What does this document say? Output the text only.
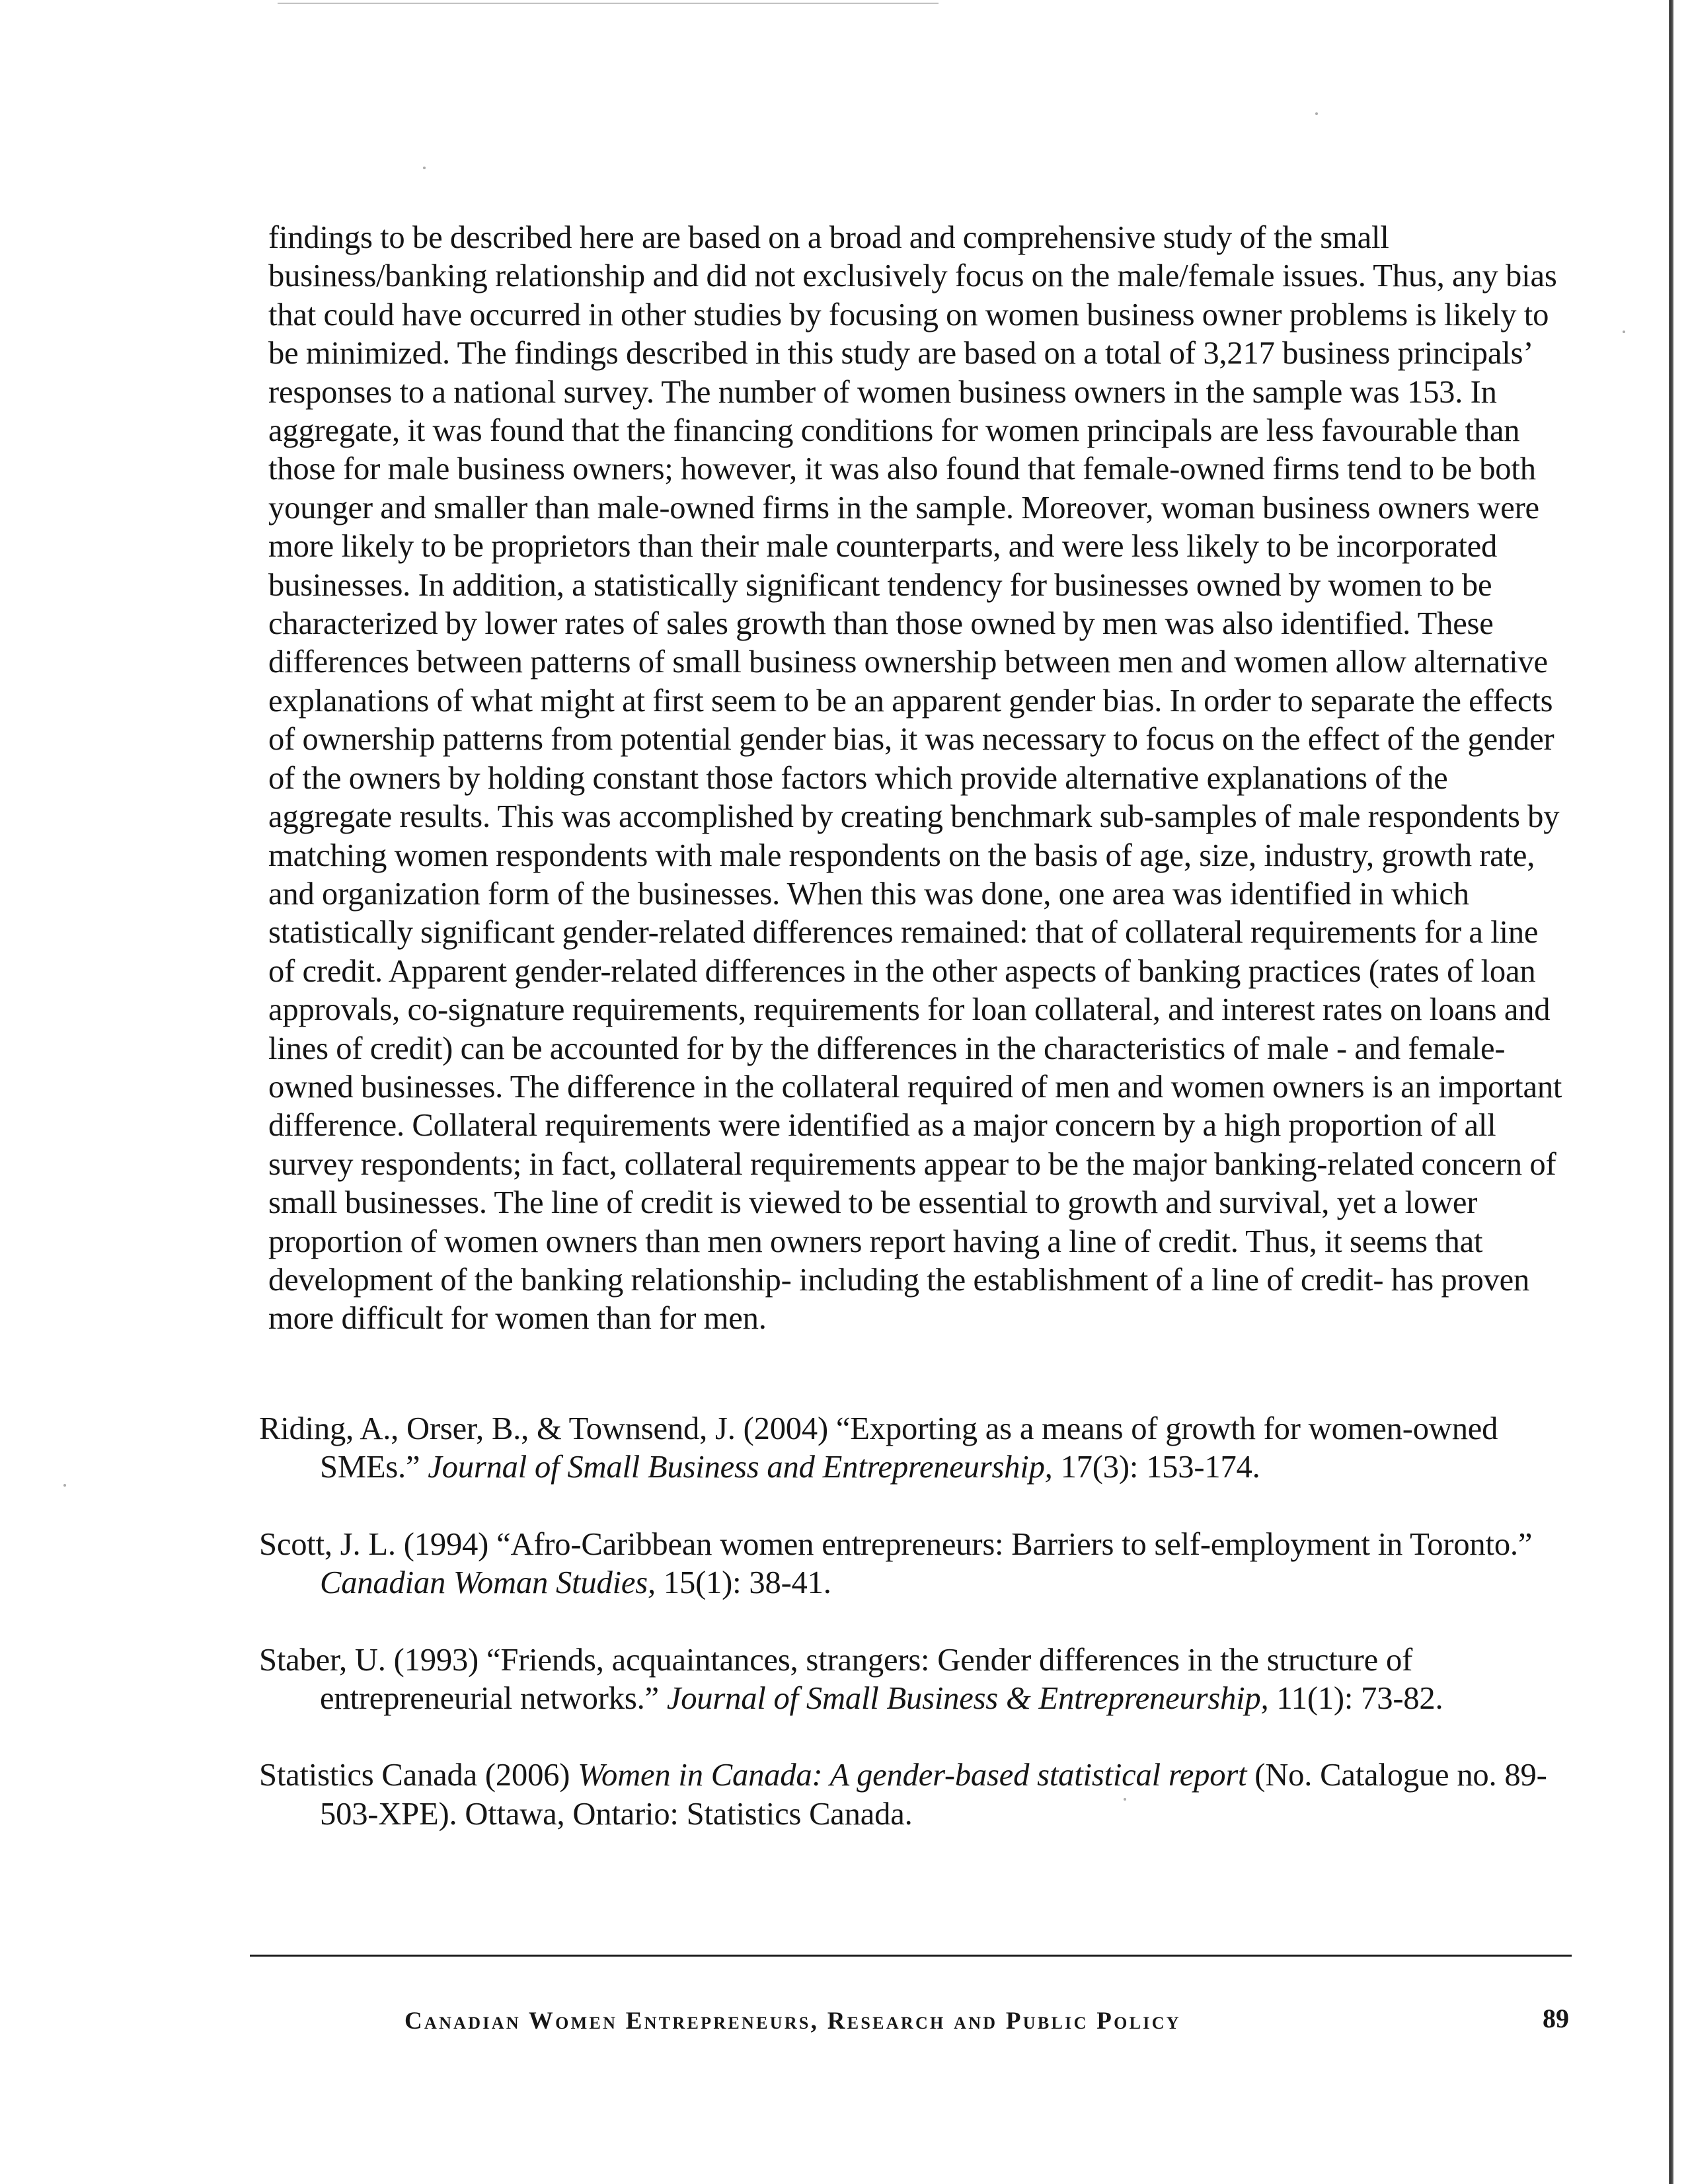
findings to be described here are based on a broad and comprehensive study of the small business/banking relationship and did not exclusively focus on the male/female issues. Thus, any bias that could have occurred in other studies by focusing on women business owner problems is likely to be minimized. The findings described in this study are based on a total of 3,217 business principals’ responses to a national survey. The number of women business owners in the sample was 153. In aggregate, it was found that the financing conditions for women principals are less favourable than those for male business owners; however, it was also found that female-owned firms tend to be both younger and smaller than male-owned firms in the sample. Moreover, woman business owners were more likely to be proprietors than their male counterparts, and were less likely to be incorporated businesses. In addition, a statistically significant tendency for businesses owned by women to be characterized by lower rates of sales growth than those owned by men was also identified. These differences between patterns of small business ownership between men and women allow alternative explanations of what might at first seem to be an apparent gender bias. In order to separate the effects of ownership patterns from potential gender bias, it was necessary to focus on the effect of the gender of the owners by holding constant those factors which provide alternative explanations of the aggregate results. This was accomplished by creating benchmark sub-samples of male respondents by matching women respondents with male respondents on the basis of age, size, industry, growth rate, and organization form of the businesses. When this was done, one area was identified in which statistically significant gender-related differences remained: that of collateral requirements for a line of credit. Apparent gender-related differences in the other aspects of banking practices (rates of loan approvals, co-signature requirements, requirements for loan collateral, and interest rates on loans and lines of credit) can be accounted for by the differences in the characteristics of male - and female-owned businesses. The difference in the collateral required of men and women owners is an important difference. Collateral requirements were identified as a major concern by a high proportion of all survey respondents; in fact, collateral requirements appear to be the major banking-related concern of small businesses. The line of credit is viewed to be essential to growth and survival, yet a lower proportion of women owners than men owners report having a line of credit. Thus, it seems that development of the banking relationship- including the establishment of a line of credit- has proven more difficult for women than for men.

Riding, A., Orser, B., & Townsend, J. (2004) “Exporting as a means of growth for women-owned SMEs.” Journal of Small Business and Entrepreneurship, 17(3): 153-174.
Scott, J. L. (1994) “Afro-Caribbean women entrepreneurs: Barriers to self-employment in Toronto.” Canadian Woman Studies, 15(1): 38-41.
Staber, U. (1993) “Friends, acquaintances, strangers: Gender differences in the structure of entrepreneurial networks.” Journal of Small Business & Entrepreneurship, 11(1): 73-82.
Statistics Canada (2006) Women in Canada: A gender-based statistical report (No. Catalogue no. 89-503-XPE). Ottawa, Ontario: Statistics Canada.
Canadian Women Entrepreneurs, Research and Public Policy	89
